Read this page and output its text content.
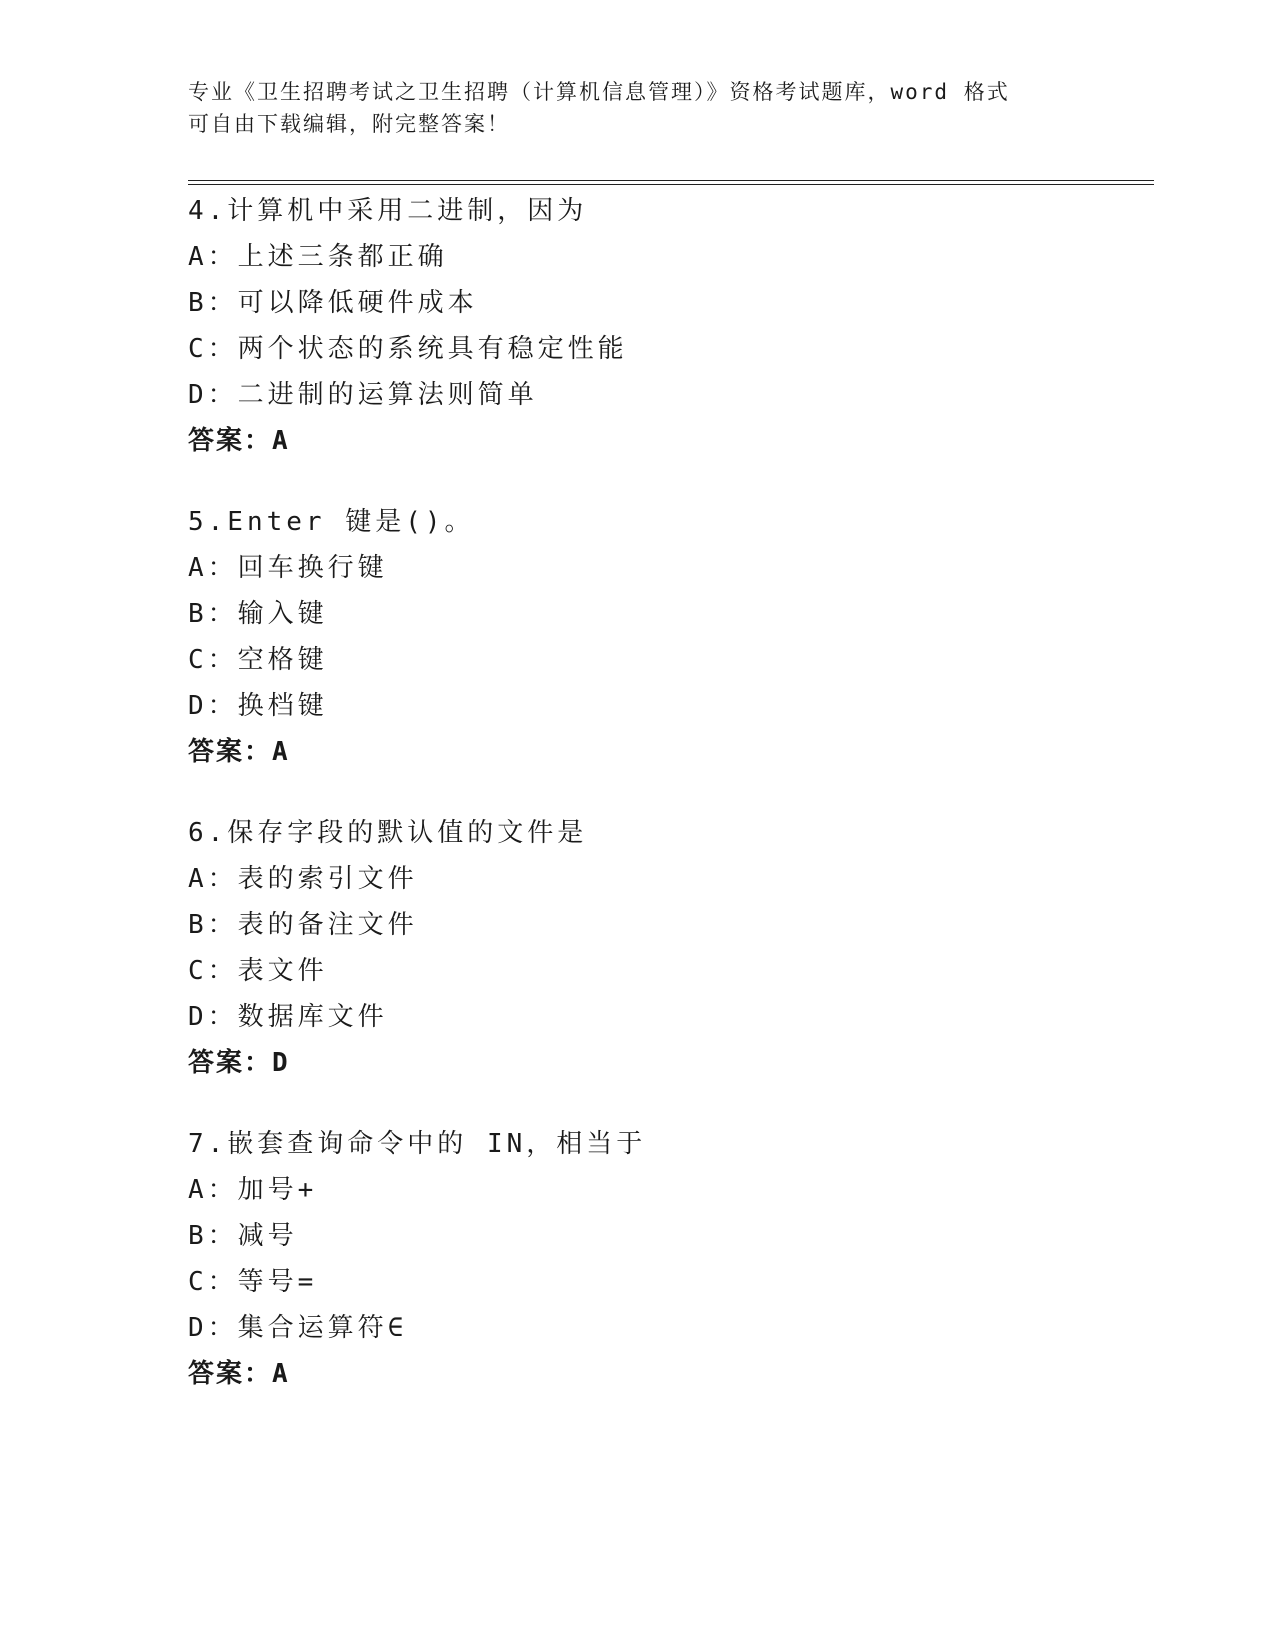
专业《卫生招聘考试之卫生招聘（计算机信息管理）》资格考试题库，word 格式
可自由下载编辑，附完整答案！
4.计算机中采用二进制，因为
A：上述三条都正确
B：可以降低硬件成本
C：两个状态的系统具有稳定性能
D：二进制的运算法则简单
答案：A
5.Enter 键是()。
A：回车换行键
B：输入键
C：空格键
D：换档键
答案：A
6.保存字段的默认值的文件是
A：表的索引文件
B：表的备注文件
C：表文件
D：数据库文件
答案：D
7.嵌套查询命令中的 IN，相当于
A：加号+
B：减号
C：等号=
D：集合运算符∈
答案：A
